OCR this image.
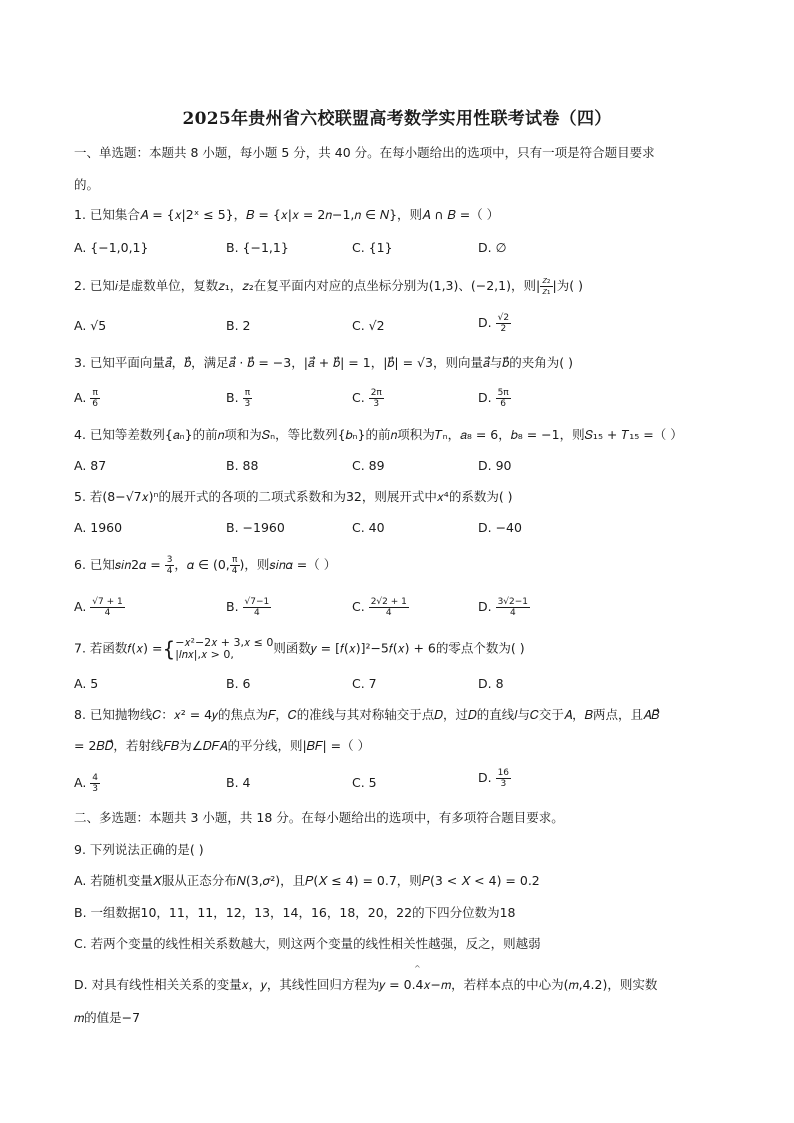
2025年贵州省六校联盟高考数学实用性联考试卷（四）
一、单选题：本题共 8 小题，每小题 5 分，共 40 分。在每小题给出的选项中，只有一项是符合题目要求
的。
1. 已知集合𝐴 = {𝑥|2ˣ ≤ 5}，𝐵 = {𝑥|𝑥 = 2𝑛−1,𝑛 ∈ 𝑁}，则𝐴 ∩ 𝐵 =（ ）
A. {−1,0,1}	B. {−1,1}	C. {1}	D. ∅
2. 已知𝑖是虚数单位，复数𝑧₁，𝑧₂在复平面内对应的点坐标分别为(1,3)、(−2,1)，则| $\frac{\text{𝑧₂}}{\text{𝑧₁}}$ |为( )
A. √5	B. 2	C. √2	D. $\frac{√2}{2}$
3. 已知平面向量𝑎⃗，𝑏⃗，满足𝑎⃗ · 𝑏⃗ = −3，|𝑎⃗ + 𝑏⃗| = 1，|𝑏⃗| = √3，则向量𝑎⃗与𝑏⃗的夹角为( )
A. $\frac{\pi}{6}$	B. $\frac{\pi}{3}$	C. $\frac{2\pi}{3}$	D. $\frac{5\pi}{6}$
4. 已知等差数列{𝑎ₙ}的前𝑛项和为𝑆ₙ，等比数列{𝑏ₙ}的前𝑛项积为𝑇ₙ，𝑎₈ = 6，𝑏₈ = −1，则𝑆₁₅ + 𝑇₁₅ =（ ）
A. 87	B. 88	C. 89	D. 90
5. 若(8−√7𝑥)ⁿ的展开式的各项的二项式系数和为32，则展开式中𝑥⁴的系数为( )
A. 1960	B. −1960	C. 40	D. −40
6. 已知𝑠𝑖𝑛2𝛼 = $\frac{3}{4}$ ，𝛼 ∈ (0, $\frac{\pi}{4}$ )，则𝑠𝑖𝑛𝛼 =（ ）
A. $\frac{√7 + 1}{4}$	B. $\frac{√7-1}{4}$	C. $\frac{2√2 + 1}{4}$	D. $\frac{3√2-1}{4}$
7. 若函数𝑓(𝑥) ={ −𝑥²−2𝑥 + 3,𝑥 ≤ 0
|𝑙𝑛𝑥|,𝑥 > 0,	则函数𝑦 = [𝑓(𝑥)]²−5𝑓(𝑥) + 6的零点个数为( )
A. 5	B. 6	C. 7	D. 8
8. 已知抛物线𝐶：𝑥² = 4𝑦的焦点为𝐹，𝐶的准线与其对称轴交于点𝐷，过𝐷的直线𝑙与𝐶交于𝐴，𝐵两点，且𝐴𝐵⃗
= 2𝐵𝐷⃗，若射线𝐹𝐵为∠𝐷𝐹𝐴的平分线，则|𝐵𝐹| =（ ）
A. $\frac{4}{3}$	B. 4	C. 5	D. $\frac{16}{3}$
二、多选题：本题共 3 小题，共 18 分。在每小题给出的选项中，有多项符合题目要求。
9. 下列说法正确的是( )
A. 若随机变量𝑋服从正态分布𝑁(3,𝜎²)，且𝑃(𝑋 ≤ 4) = 0.7，则𝑃(3 < 𝑋 < 4) = 0.2
B. 一组数据10，11，11，12，13，14，16，18，20，22的下四分位数为18
C. 若两个变量的线性相关系数越大，则这两个变量的线性相关性越强，反之，则越弱
^
D. 对具有线性相关关系的变量𝑥，𝑦，其线性回归方程为𝑦 = 0.4𝑥−𝑚，若样本点的中心为(𝑚,4.2)，则实数
𝑚的值是−7
